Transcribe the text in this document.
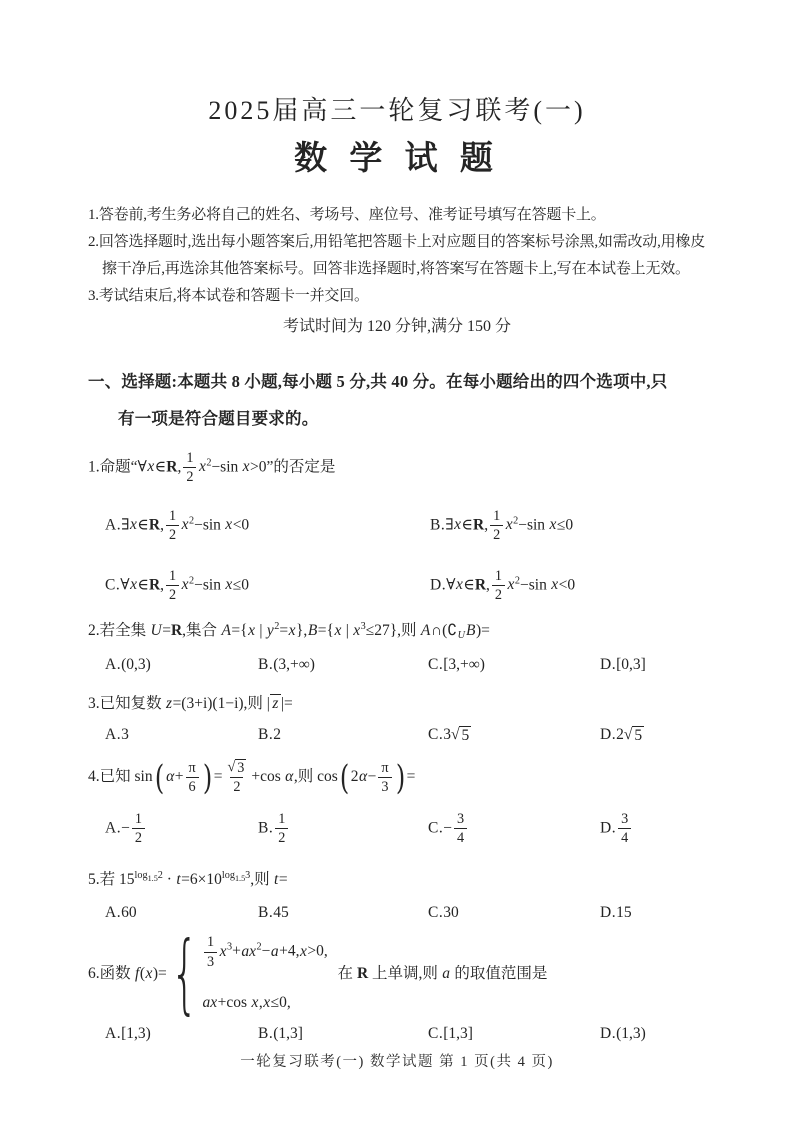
2025届高三一轮复习联考(一)
数 学 试 题
1.答卷前,考生务必将自己的姓名、考场号、座位号、准考证号填写在答题卡上。
2.回答选择题时,选出每小题答案后,用铅笔把答题卡上对应题目的答案标号涂黑,如需改动,用橡皮
擦干净后,再选涂其他答案标号。回答非选择题时,将答案写在答题卡上,写在本试卷上无效。
3.考试结束后,将本试卷和答题卡一并交回。
考试时间为 120 分钟,满分 150 分
一、选择题:本题共 8 小题,每小题 5 分,共 40 分。在每小题给出的四个选项中,只
有一项是符合题目要求的。
1.命题“∀x∈R, $\frac{1}{2} x^2-\sin$ x>0”的否定是
A.∃x∈R, $\frac{1}{2} x^2-\sin$ x<0	B.∃x∈R, $\frac{1}{2} x^2-\sin$ x≤0
C.∀x∈R, $\frac{1}{2} x^2-\sin$ x≤0	D.∀x∈R, $\frac{1}{2} x^2-\sin$ x<0
2.若全集 U=R,集合 A={x | $y^2=x\},B=\{x$ | $x^3\le 27$},则 A∩(∁UB)=
A.(0,3)	B.(3,+∞)	C.[3,+∞)	D.[0,3]
3.已知复数 z=(3+i)(1−i),则 | z |=
A.3	B.2	C.3 √ 5	D.2 √ 5
4.已知 sin ( $\alpha + \frac{\pi}{6}$ ) = $\frac{√ 3}{2} +\cos$ α,则 cos ( 2 $\alpha - \frac{\pi}{3}$ ) =
$A.- \frac{1}{2}$	B. $\frac{1}{2}$	$C.- \frac{3}{4}$	D. $\frac{3}{4}$
5.若 $15^{log_{1.5}2} \cdot t=6\times 10^{log_{1.5}3}$,则 t=
A.60	B.45	C.30	D.15
6.函数 f ( x )= { $\frac{1}{3} x^3+ax^2-a+4,x>0$,
ax+cos x,x≤0,
在 R 上单调,则 a 的取值范围是
A.[1,3)	B.(1,3]	C.[1,3]	D.(1,3)
一轮复习联考(一) 数学试题 第 1 页(共 4 页)
